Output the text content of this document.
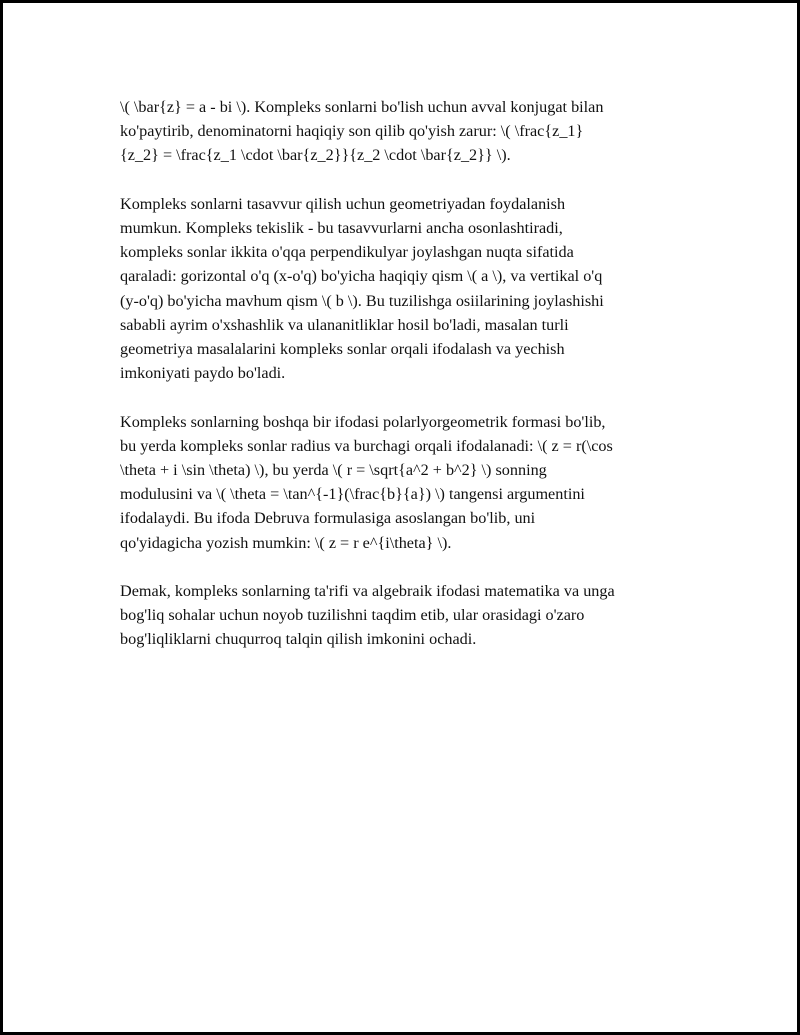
\( \bar{z} = a - bi \). Kompleks sonlarni bo'lish uchun avval konjugat bilan
ko'paytirib, denominatorni haqiqiy son qilib qo'yish zarur: \( \frac{z_1}
{z_2} = \frac{z_1 \cdot \bar{z_2}}{z_2 \cdot \bar{z_2}} \).

Kompleks sonlarni tasavvur qilish uchun geometriyadan foydalanish
mumkun. Kompleks tekislik - bu tasavvurlarni ancha osonlashtiradi,
kompleks sonlar ikkita o'qqa perpendikulyar joylashgan nuqta sifatida
qaraladi: gorizontal o'q (x-o'q) bo'yicha haqiqiy qism \( a \), va vertikal o'q
(y-o'q) bo'yicha mavhum qism \( b \). Bu tuzilishga osiilarining joylashishi
sababli ayrim o'xshashlik va ulananitliklar hosil bo'ladi, masalan turli
geometriya masalalarini kompleks sonlar orqali ifodalash va yechish
imkoniyati paydo bo'ladi.

Kompleks sonlarning boshqa bir ifodasi polarlyorgeometrik formasi bo'lib,
bu yerda kompleks sonlar radius va burchagi orqali ifodalanadi: \( z = r(\cos
\theta + i \sin \theta) \), bu yerda \( r = \sqrt{a^2 + b^2} \) sonning
modulusini va \( \theta = \tan^{-1}(\frac{b}{a}) \) tangensi argumentini
ifodalaydi. Bu ifoda Debruva formulasiga asoslangan bo'lib, uni
qo'yidagicha yozish mumkin: \( z = r e^{i\theta} \).

Demak, kompleks sonlarning ta'rifi va algebraik ifodasi matematika va unga
bog'liq sohalar uchun noyob tuzilishni taqdim etib, ular orasidagi o'zaro
bog'liqliklarni chuqurroq talqin qilish imkonini ochadi.
